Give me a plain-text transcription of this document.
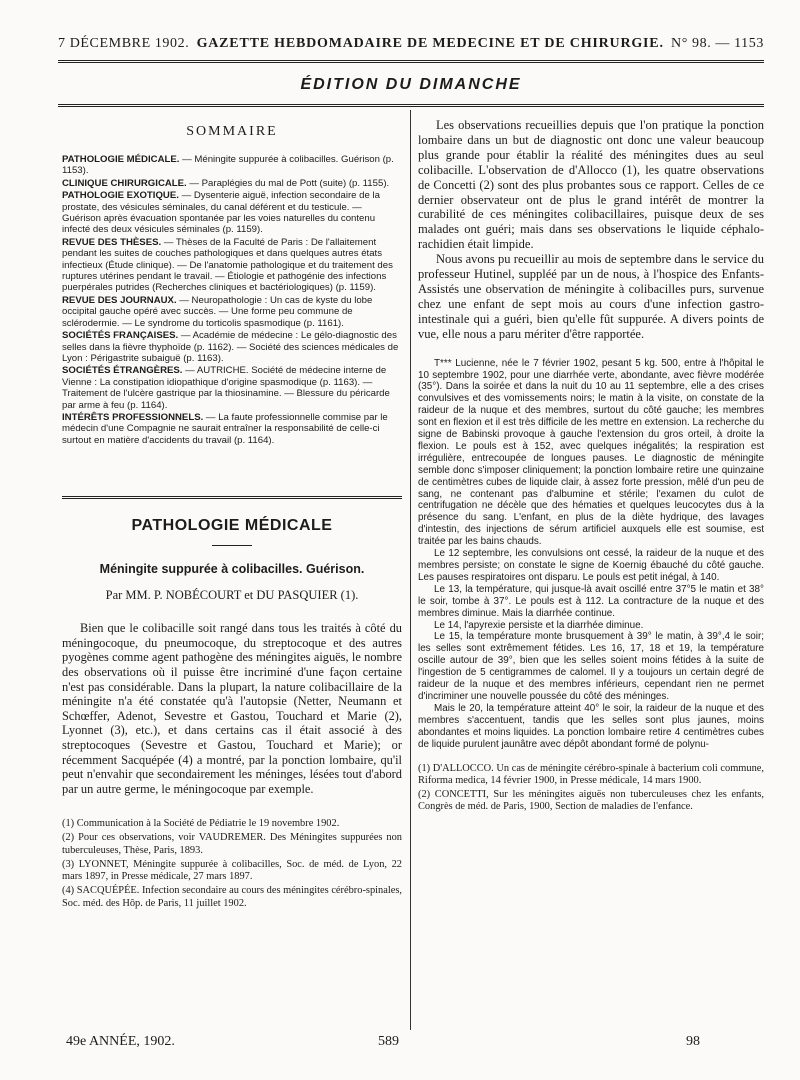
7 DÉCEMBRE 1902. GAZETTE HEBDOMADAIRE DE MEDECINE ET DE CHIRURGIE. N° 98. — 1153
ÉDITION DU DIMANCHE
SOMMAIRE

PATHOLOGIE MÉDICALE. — Méningite suppurée à colibacilles. Guérison (p. 1153).

CLINIQUE CHIRURGICALE. — Paraplégies du mal de Pott (suite) (p. 1155).

PATHOLOGIE EXOTIQUE. — Dysenterie aiguë, infection secondaire de la prostate, des vésicules séminales, du canal déférent et du testicule. — Guérison après évacuation spontanée par les voies naturelles du contenu infecté des deux vésicules séminales (p. 1159).

REVUE DES THÈSES. — Thèses de la Faculté de Paris : De l'allaitement pendant les suites de couches pathologiques et dans quelques autres états infectieux (Étude clinique). — De l'anatomie pathologique et du traitement des ruptures utérines pendant le travail. — Étiologie et pathogénie des infections puerpérales putrides (Recherches cliniques et bactériologiques) (p. 1159).

REVUE DES JOURNAUX. — Neuropathologie : Un cas de kyste du lobe occipital gauche opéré avec succès. — Une forme peu commune de sclérodermie. — Le syndrome du torticolis spasmodique (p. 1161).

SOCIÉTÉS FRANÇAISES. — Académie de médecine : Le gélo-diagnostic des selles dans la fièvre thyphoïde (p. 1162). — Société des sciences médicales de Lyon : Périgastrite subaiguë (p. 1163).

SOCIÉTÉS ÉTRANGÈRES. — AUTRICHE. Société de médecine interne de Vienne : La constipation idiopathique d'origine spasmodique (p. 1163). — Traitement de l'ulcère gastrique par la thiosinamine. — Blessure du péricarde par arme à feu (p. 1164).

INTÉRÊTS PROFESSIONNELS. — La faute professionnelle commise par le médecin d'une Compagnie ne saurait entraîner la responsabilité de celle-ci surtout en matière d'accidents du travail (p. 1164).

PATHOLOGIE MÉDICALE
Méningite suppurée à colibacilles. Guérison.
Par MM. P. NOBÉCOURT et DU PASQUIER (1).

Bien que le colibacille soit rangé dans tous les traités à côté du méningocoque, du pneumocoque, du streptocoque et des autres pyogènes comme agent pathogène des méningites aiguës, le nombre des observations où il puisse être incriminé d'une façon certaine n'est pas considérable. Dans la plupart, la nature colibacillaire de la méningite n'a été constatée qu'à l'autopsie (Netter, Neumann et Schœffer, Adenot, Sevestre et Gastou, Touchard et Marie (2), Lyonnet (3), etc.), et dans certains cas il était associé à des streptocoques (Sevestre et Gastou, Touchard et Marie); or récemment Sacquépée (4) a montré, par la ponction lombaire, qu'il peut n'envahir que secondairement les méninges, lésées tout d'abord par un autre germe, le méningocoque par exemple.

(1) Communication à la Société de Pédiatrie le 19 novembre 1902.

(2) Pour ces observations, voir VAUDREMER. Des Méningites suppurées non tuberculeuses, Thèse, Paris, 1893.

(3) LYONNET, Méningite suppurée à colibacilles, Soc. de méd. de Lyon, 22 mars 1897, in Presse médicale, 27 mars 1897.

(4) SACQUÉPÉE. Infection secondaire au cours des méningites cérébro-spinales, Soc. méd. des Hôp. de Paris, 11 juillet 1902.

Les observations recueillies depuis que l'on pratique la ponction lombaire dans un but de diagnostic ont donc une valeur beaucoup plus grande pour établir la réalité des méningites dues au seul colibacille. L'observation de d'Allocco (1), les quatre observations de Concetti (2) sont des plus probantes sous ce rapport. Celles de ce dernier observateur ont de plus le grand intérêt de montrer la curabilité de ces méningites colibacillaires, puisque deux de ses malades ont guéri; mais dans ses observations le liquide céphalo-rachidien était limpide.

Nous avons pu recueillir au mois de septembre dans le service du professeur Hutinel, suppléé par un de nous, à l'hospice des Enfants-Assistés une observation de méningite à colibacilles purs, survenue chez une enfant de sept mois au cours d'une infection gastro-intestinale qui a guéri, bien qu'elle fût suppurée. A divers points de vue, elle nous a paru mériter d'être rapportée.

T*** Lucienne, née le 7 février 1902, pesant 5 kg. 500, entre à l'hôpital le 10 septembre 1902, pour une diarrhée verte, abondante, avec fièvre modérée (35°). Dans la soirée et dans la nuit du 10 au 11 septembre, elle a des crises convulsives et des vomissements noirs; le matin à la visite, on constate de la raideur de la nuque et des membres, surtout du côté gauche; les membres sont en flexion et il est très difficile de les mettre en extension. La recherche du signe de Babinski provoque à gauche l'extension du gros orteil, à droite la flexion. Le pouls est à 152, avec quelques inégalités; la respiration est irrégulière, entrecoupée de longues pauses. Le diagnostic de méningite semble donc s'imposer cliniquement; la ponction lombaire retire une quinzaine de centimètres cubes de liquide clair, à assez forte pression, mêlé d'un peu de sang, ne contenant pas d'albumine et stérile; l'examen du culot de centrifugation ne décèle que des hématies et quelques leucocytes dus à la présence du sang. L'enfant, en plus de la diète hydrique, des lavages d'intestin, des injections de sérum artificiel auxquels elle est soumise, est traitée par les bains chauds.

Le 12 septembre, les convulsions ont cessé, la raideur de la nuque et des membres persiste; on constate le signe de Koernig ébauché du côté gauche. Les pauses respiratoires ont disparu. Le pouls est petit inégal, à 140.

Le 13, la température, qui jusque-là avait oscillé entre 37°5 le matin et 38° le soir, tombe à 37°. Le pouls est à 112. La contracture de la nuque et des membres diminue. Mais la diarrhée continue.

Le 14, l'apyrexie persiste et la diarrhée diminue.

Le 15, la température monte brusquement à 39° le matin, à 39°,4 le soir; les selles sont extrêmement fétides. Les 16, 17, 18 et 19, la température oscille autour de 39°, bien que les selles soient moins fétides à la suite de l'ingestion de 5 centigrammes de calomel. Il y a toujours un certain degré de raideur de la nuque et des membres inférieurs, cependant rien ne permet d'incriminer une nouvelle poussée du côté des méninges.

Mais le 20, la température atteint 40° le soir, la raideur de la nuque et des membres s'accentuent, tandis que les selles sont plus jaunes, moins abondantes et moins liquides. La ponction lombaire retire 4 centimètres cubes de liquide purulent jaunâtre avec dépôt abondant formé de polynu-

(1) D'ALLOCCO. Un cas de méningite cérébro-spinale à bacterium coli commune, Riforma medica, 14 février 1900, in Presse médicale, 14 mars 1900.

(2) CONCETTI, Sur les méningites aiguës non tuberculeuses chez les enfants, Congrès de méd. de Paris, 1900, Section de maladies de l'enfance.

49e ANNÉE, 1902.	589	98
